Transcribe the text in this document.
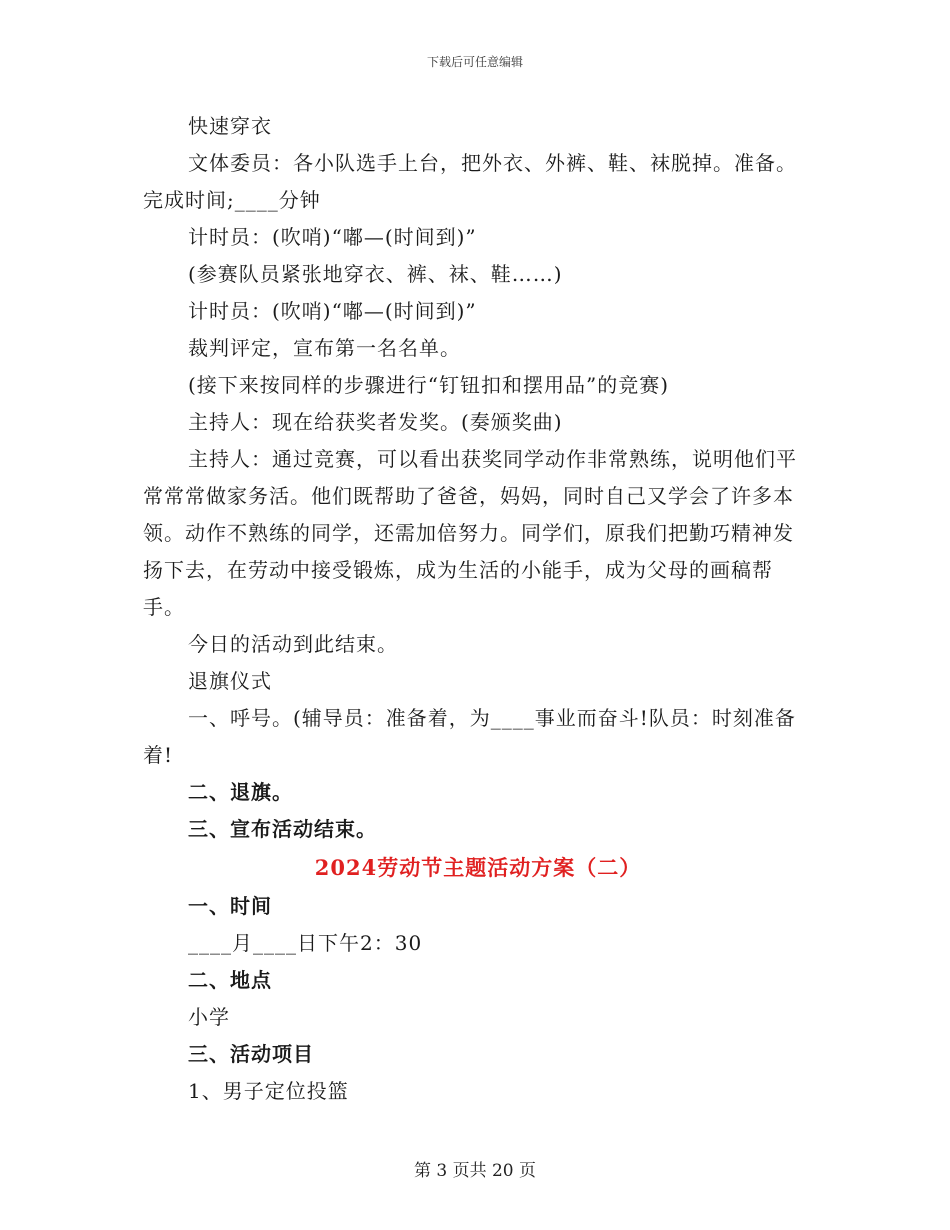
下载后可任意编辑

快速穿衣

文体委员：各小队选手上台，把外衣、外裤、鞋、袜脱掉。准备。完成时间;____分钟

计时员：(吹哨)“嘟—(时间到)”

(参赛队员紧张地穿衣、裤、袜、鞋……)

计时员：(吹哨)“嘟—(时间到)”

裁判评定，宣布第一名名单。

(接下来按同样的步骤进行“钉钮扣和摆用品”的竞赛)

主持人：现在给获奖者发奖。(奏颁奖曲)

主持人：通过竞赛，可以看出获奖同学动作非常熟练，说明他们平常常常做家务活。他们既帮助了爸爸，妈妈，同时自己又学会了许多本领。动作不熟练的同学，还需加倍努力。同学们，原我们把勤巧精神发扬下去，在劳动中接受锻炼，成为生活的小能手，成为父母的画稿帮手。

今日的活动到此结束。

退旗仪式

一、呼号。(辅导员：准备着，为____事业而奋斗!队员：时刻准备着!

二、退旗。

三、宣布活动结束。

2024劳动节主题活动方案（二）

一、时间

____月____日下午2：30

二、地点

小学

三、活动项目

1、男子定位投篮

第 3 页共 20 页
